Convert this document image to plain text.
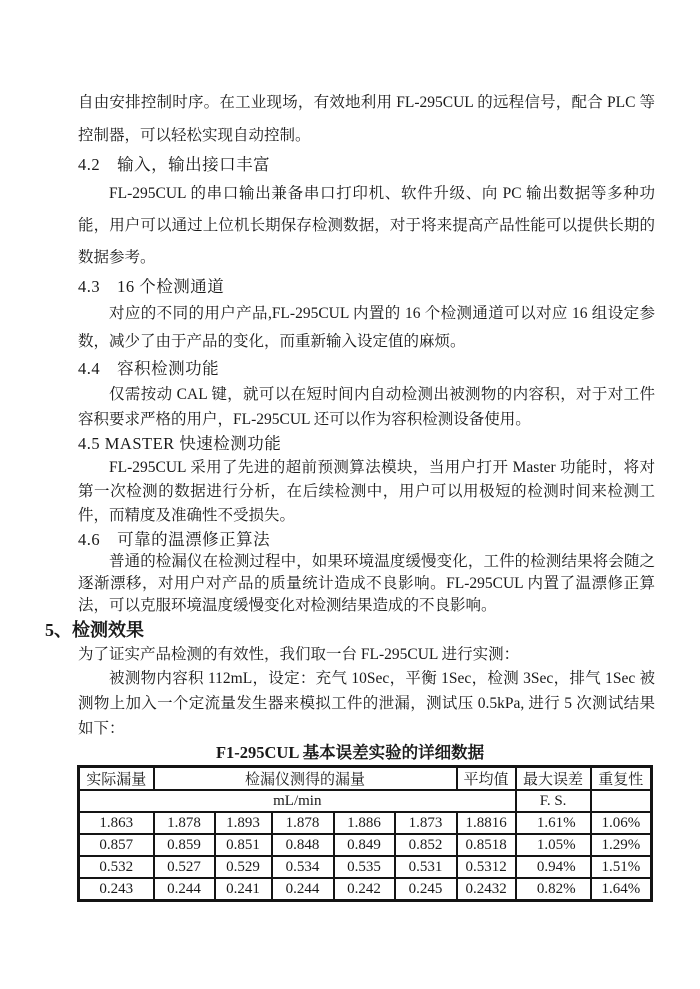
自由安排控制时序。在工业现场，有效地利用 FL-295CUL 的远程信号，配合 PLC 等控制器，可以轻松实现自动控制。

4.2　输入，输出接口丰富

FL-295CUL 的串口输出兼备串口打印机、软件升级、向 PC 输出数据等多种功能，用户可以通过上位机长期保存检测数据，对于将来提高产品性能可以提供长期的数据参考。

4.3　16 个检测通道

对应的不同的用户产品,FL-295CUL 内置的 16 个检测通道可以对应 16 组设定参数，减少了由于产品的变化，而重新输入设定值的麻烦。

4.4　容积检测功能

仅需按动 CAL 键，就可以在短时间内自动检测出被测物的内容积，对于对工件容积要求严格的用户，FL-295CUL 还可以作为容积检测设备使用。

4.5 MASTER 快速检测功能

FL-295CUL 采用了先进的超前预测算法模块，当用户打开 Master 功能时，将对第一次检测的数据进行分析，在后续检测中，用户可以用极短的检测时间来检测工件，而精度及准确性不受损失。

4.6　可靠的温漂修正算法

普通的检漏仪在检测过程中，如果环境温度缓慢变化，工件的检测结果将会随之逐渐漂移，对用户对产品的质量统计造成不良影响。FL-295CUL 内置了温漂修正算法，可以克服环境温度缓慢变化对检测结果造成的不良影响。

5、检测效果

为了证实产品检测的有效性，我们取一台 FL-295CUL 进行实测：

被测物内容积 112mL，设定：充气 10Sec，平衡 1Sec，检测 3Sec，排气 1Sec 被测物上加入一个定流量发生器来模拟工件的泄漏，测试压 0.5kPa, 进行 5 次测试结果如下：

F1-295CUL 基本误差实验的详细数据
实际漏量	检漏仪测得的漏量					平均值	最大误差	重复性
mL/min							F. S.	
1.863	1.878	1.893	1.878	1.886	1.873	1.8816	1.61%	1.06%
0.857	0.859	0.851	0.848	0.849	0.852	0.8518	1.05%	1.29%
0.532	0.527	0.529	0.534	0.535	0.531	0.5312	0.94%	1.51%
0.243	0.244	0.241	0.244	0.242	0.245	0.2432	0.82%	1.64%
